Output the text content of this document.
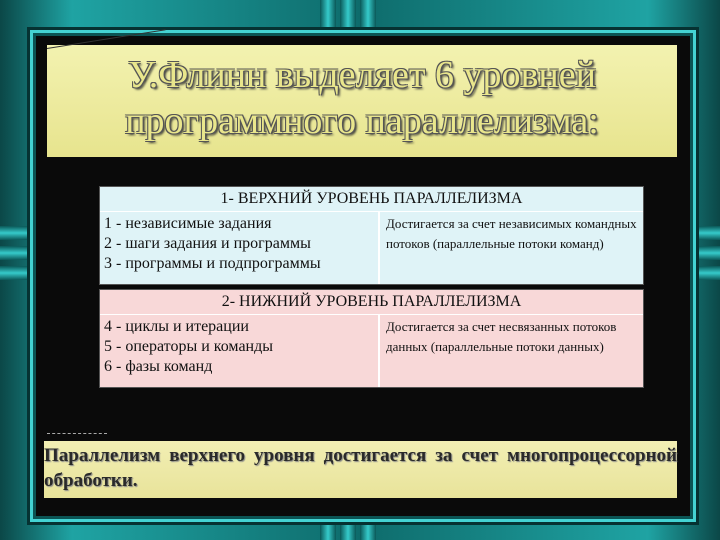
У.Флинн выделяет 6 уровней
программного параллелизма:
1- ВЕРХНИЙ УРОВЕНЬ ПАРАЛЛЕЛИЗМА
1 - независимые задания
2 - шаги задания и программы
3 - программы и подпрограммы
Достигается за счет независимых командных потоков (параллельные потоки команд)
2- НИЖНИЙ УРОВЕНЬ ПАРАЛЛЕЛИЗМА
4 - циклы и итерации
5 - операторы и команды
6 - фазы команд
Достигается за счет несвязанных потоков данных (параллельные потоки данных)
Параллелизм верхнего уровня достигается за счет многопроцессорной обработки.
